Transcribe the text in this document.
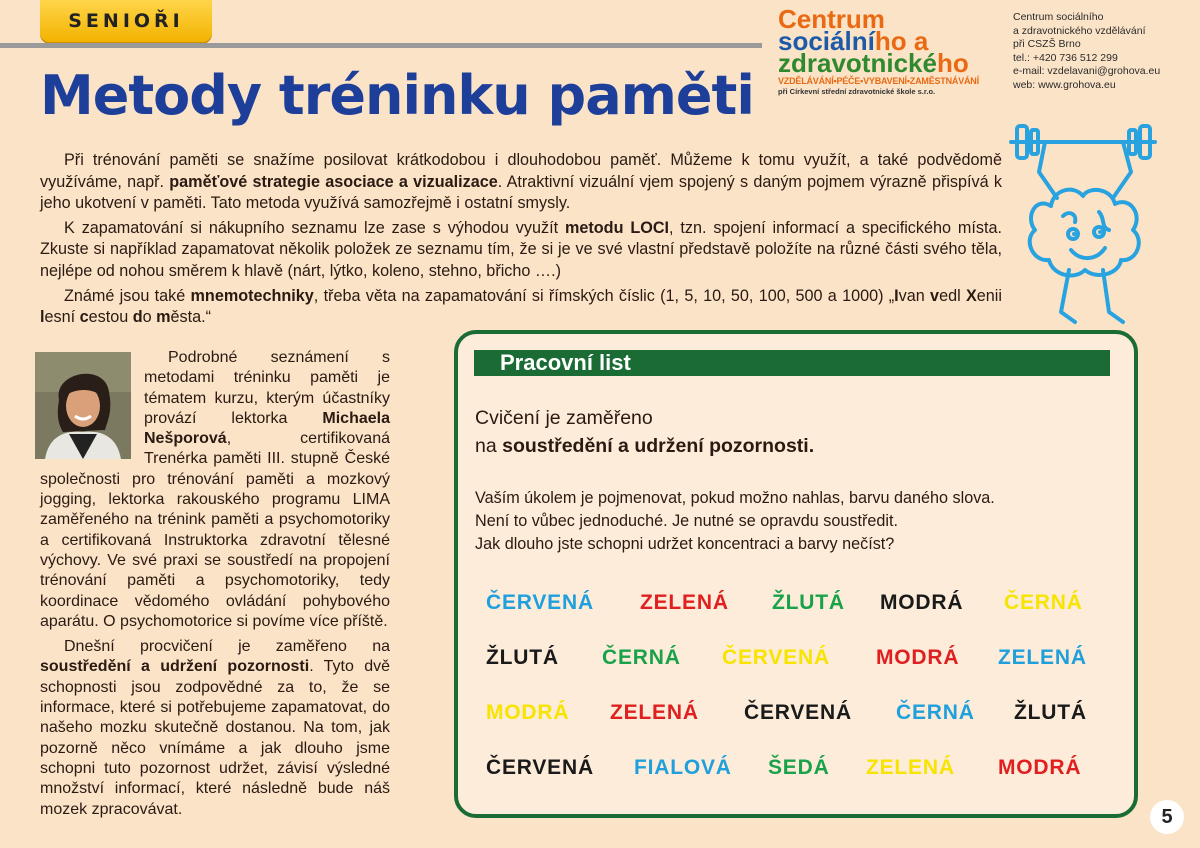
SENIOŘI
Metody tréninku paměti
Centrum
sociálního a
zdravotnického
VZDĚLÁVÁNÍ•PÉČE•VYBAVENÍ•ZAMĚSTNÁVÁNÍ
při Církevní střední zdravotnické škole s.r.o.
Centrum sociálního
a zdravotnického vzdělávání
při CSZŠ Brno
tel.: +420 736 512 299
e-mail: vzdelavani@grohova.eu
web: www.grohova.eu

Při trénování paměti se snažíme posilovat krátkodobou i dlouhodobou paměť. Můžeme k tomu využít, a také podvědomě využíváme, např. paměťové strategie asociace a vizualizace. Atraktivní vizuální vjem spojený s daným pojmem výrazně přispívá k jeho ukotvení v paměti. Tato metoda využívá samozřejmě i ostatní smysly.

K zapamatování si nákupního seznamu lze zase s výhodou využít metodu LOCI, tzn. spojení informací a specifického místa. Zkuste si například zapamatovat několik položek ze seznamu tím, že si je ve své vlastní představě položíte na různé části svého těla, nejlépe od nohou směrem k hlavě (nárt, lýtko, koleno, stehno, břicho ….)

Známé jsou také mnemotechniky, třeba věta na zapamatování si římských číslic (1, 5, 10, 50, 100, 500 a 1000) „Ivan vedl Xenii lesní cestou do města.“

Podrobné seznámení s metodami tréninku paměti je tématem kurzu, kterým účastníky provází lektorka Michaela Nešporová, certifikovaná Trenérka paměti III. stupně České společnosti pro trénování paměti a mozkový jogging, lektorka rakouského programu LIMA zaměřeného na trénink paměti a psychomotoriky a certifikovaná Instruktorka zdravotní tělesné výchovy. Ve své praxi se soustředí na propojení trénování paměti a psychomotoriky, tedy koordinace vědomého ovládání pohybového aparátu. O psychomotorice si povíme více příště.

Dnešní procvičení je zaměřeno na soustředění a udržení pozornosti. Tyto dvě schopnosti jsou zodpovědné za to, že se informace, které si potřebujeme zapamatovat, do našeho mozku skutečně dostanou. Na tom, jak pozorně něco vnímáme a jak dlouho jsme schopni tuto pozornost udržet, závisí výsledné množství informací, které následně bude náš mozek zpracovávat.

Pracovní list
Cvičení je zaměřeno
na soustředění a udržení pozornosti.
Vaším úkolem je pojmenovat, pokud možno nahlas, barvu daného slova.
Není to vůbec jednoduché. Je nutné se opravdu soustředit.
Jak dlouho jste schopni udržet koncentraci a barvy nečíst?
ČERVENÁ ZELENÁ ŽLUTÁ MODRÁ ČERNÁ
ŽLUTÁ ČERNÁ ČERVENÁ MODRÁ ZELENÁ
MODRÁ ZELENÁ ČERVENÁ ČERNÁ ŽLUTÁ
ČERVENÁ FIALOVÁ ŠEDÁ ZELENÁ MODRÁ
5
